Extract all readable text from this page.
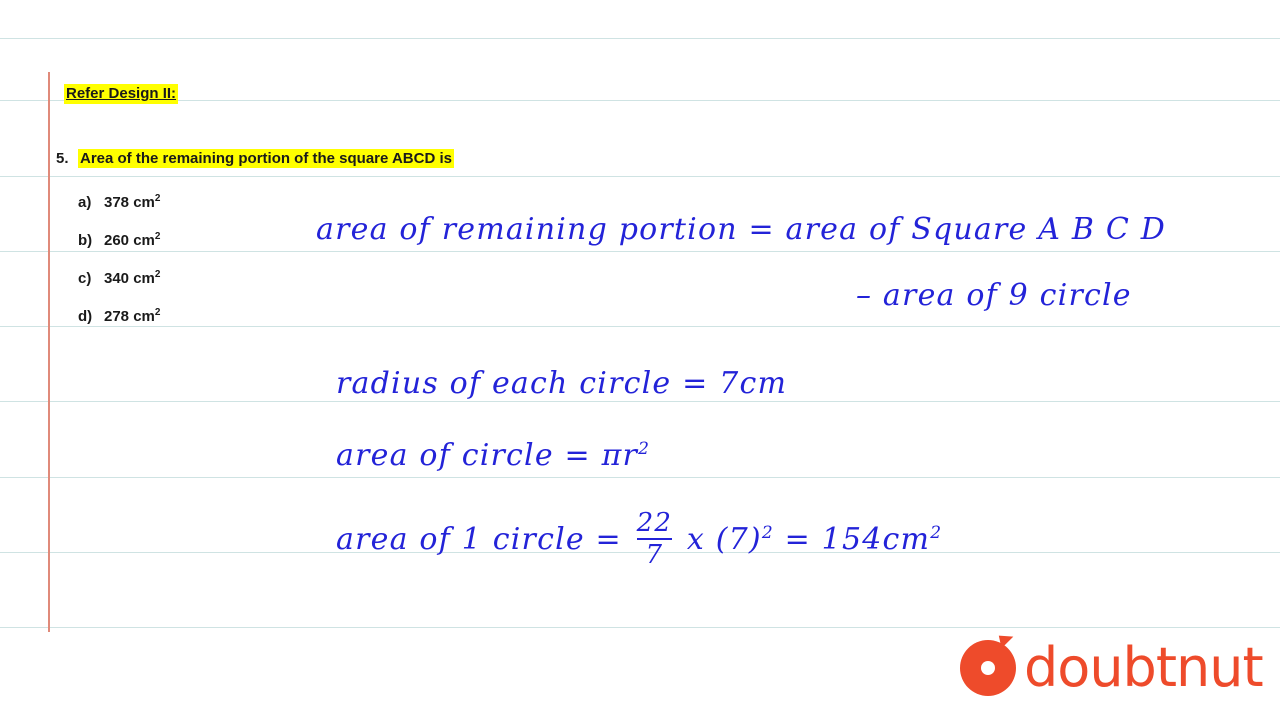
Refer Design II:
5. Area of the remaining portion of the square ABCD is
a) 378 $cm^2$
b) 260 $cm^2$
c) 340 $cm^2$
d) 278 $cm^2$
area of remaining portion = area of Square A B C D
– area of 9 circle
radius of each circle = 7cm
area of circle = $\pi r^2$
area of 1 circle = $\frac{22}{7}$ x $(7)^2 = 154cm^2$
doubtnut
